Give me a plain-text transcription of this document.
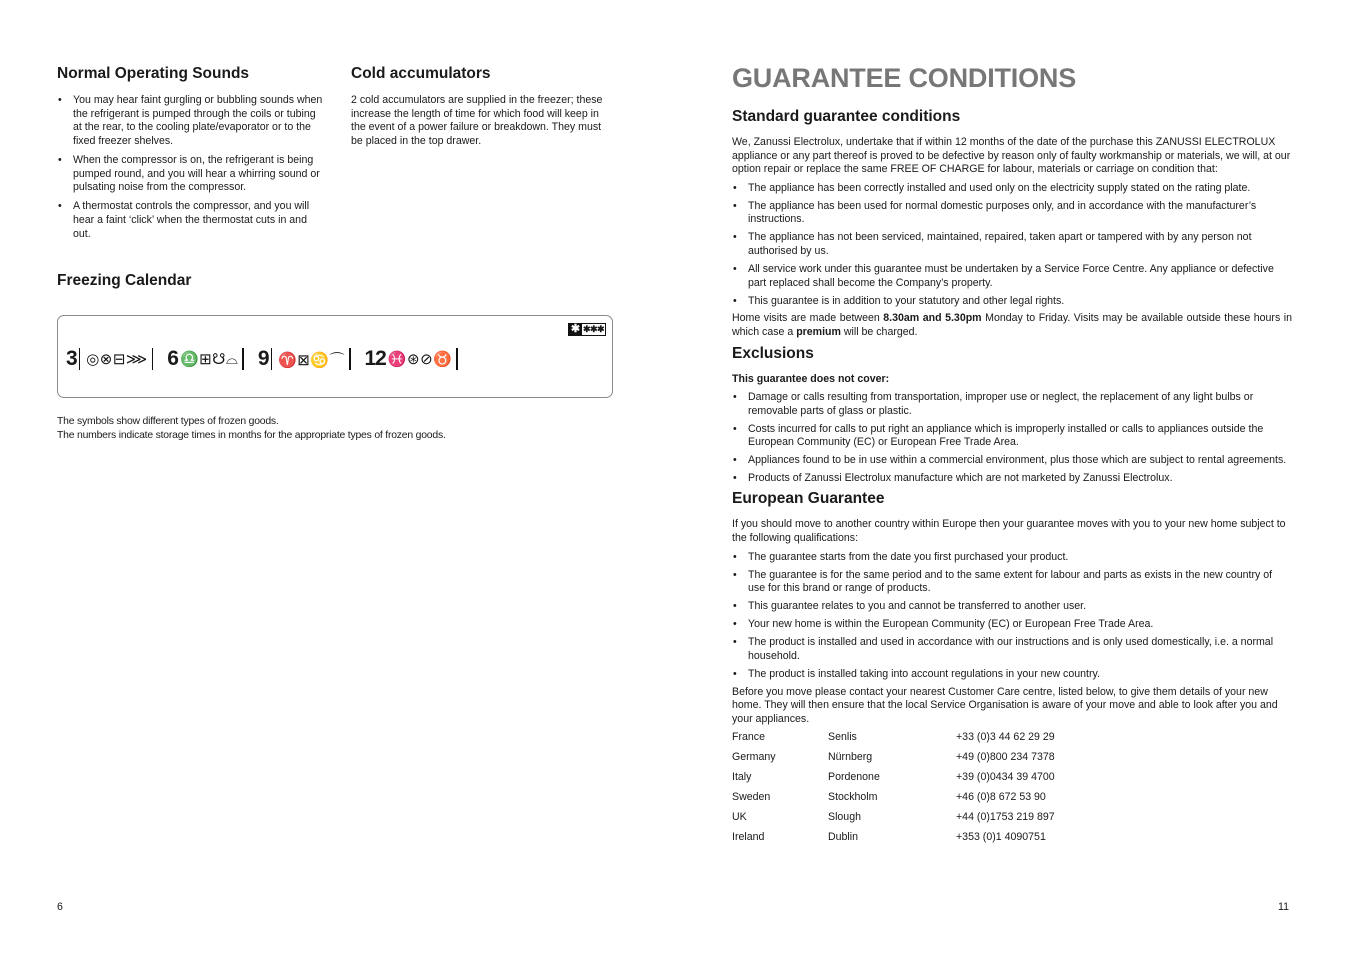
Normal Operating Sounds
• You may hear faint gurgling or bubbling sounds when the refrigerant is pumped through the coils or tubing at the rear, to the cooling plate/evaporator or to the fixed freezer shelves.
• When the compressor is on, the refrigerant is being pumped round, and you will hear a whirring sound or pulsating noise from the compressor.
• A thermostat controls the compressor, and you will hear a faint ‘click’ when the thermostat cuts in and out.
Cold accumulators

2 cold accumulators are supplied in the freezer; these increase the length of time for which food will keep in the event of a power failure or breakdown. They must be placed in the top drawer.

Freezing Calendar
✱ ✱✱✱
3 ◎⊗⊟⋙ 6 ♎⊞☋⌓ 9 ♈⊠♋⌒ 12 ♓⊛⊘♉

The symbols show different types of frozen goods.

The numbers indicate storage times in months for the appropriate types of frozen goods.

6
GUARANTEE CONDITIONS
Standard guarantee conditions

We, Zanussi Electrolux, undertake that if within 12 months of the date of the purchase this ZANUSSI ELECTROLUX appliance or any part thereof is proved to be defective by reason only of faulty workmanship or materials, we will, at our option repair or replace the same FREE OF CHARGE for labour, materials or carriage on condition that:

• The appliance has been correctly installed and used only on the electricity supply stated on the rating plate.
• The appliance has been used for normal domestic purposes only, and in accordance with the manufacturer’s instructions.
• The appliance has not been serviced, maintained, repaired, taken apart or tampered with by any person not authorised by us.
• All service work under this guarantee must be undertaken by a Service Force Centre. Any appliance or defective part replaced shall become the Company’s property.
• This guarantee is in addition to your statutory and other legal rights.

Home visits are made between 8.30am and 5.30pm Monday to Friday. Visits may be available outside these hours in which case a premium will be charged.

Exclusions

This guarantee does not cover:

• Damage or calls resulting from transportation, improper use or neglect, the replacement of any light bulbs or removable parts of glass or plastic.
• Costs incurred for calls to put right an appliance which is improperly installed or calls to appliances outside the European Community (EC) or European Free Trade Area.
• Appliances found to be in use within a commercial environment, plus those which are subject to rental agreements.
• Products of Zanussi Electrolux manufacture which are not marketed by Zanussi Electrolux.
European Guarantee

If you should move to another country within Europe then your guarantee moves with you to your new home subject to the following qualifications:

• The guarantee starts from the date you first purchased your product.
• The guarantee is for the same period and to the same extent for labour and parts as exists in the new country of use for this brand or range of products.
• This guarantee relates to you and cannot be transferred to another user.
• Your new home is within the European Community (EC) or European Free Trade Area.
• The product is installed and used in accordance with our instructions and is only used domestically, i.e. a normal household.
• The product is installed taking into account regulations in your new country.

Before you move please contact your nearest Customer Care centre, listed below, to give them details of your new home. They will then ensure that the local Service Organisation is aware of your move and able to look after you and your appliances.

France	Senlis	+33 (0)3 44 62 29 29
Germany	Nürnberg	+49 (0)800 234 7378
Italy	Pordenone	+39 (0)0434 39 4700
Sweden	Stockholm	+46 (0)8 672 53 90
UK	Slough	+44 (0)1753 219 897
Ireland	Dublin	+353 (0)1 4090751
11
